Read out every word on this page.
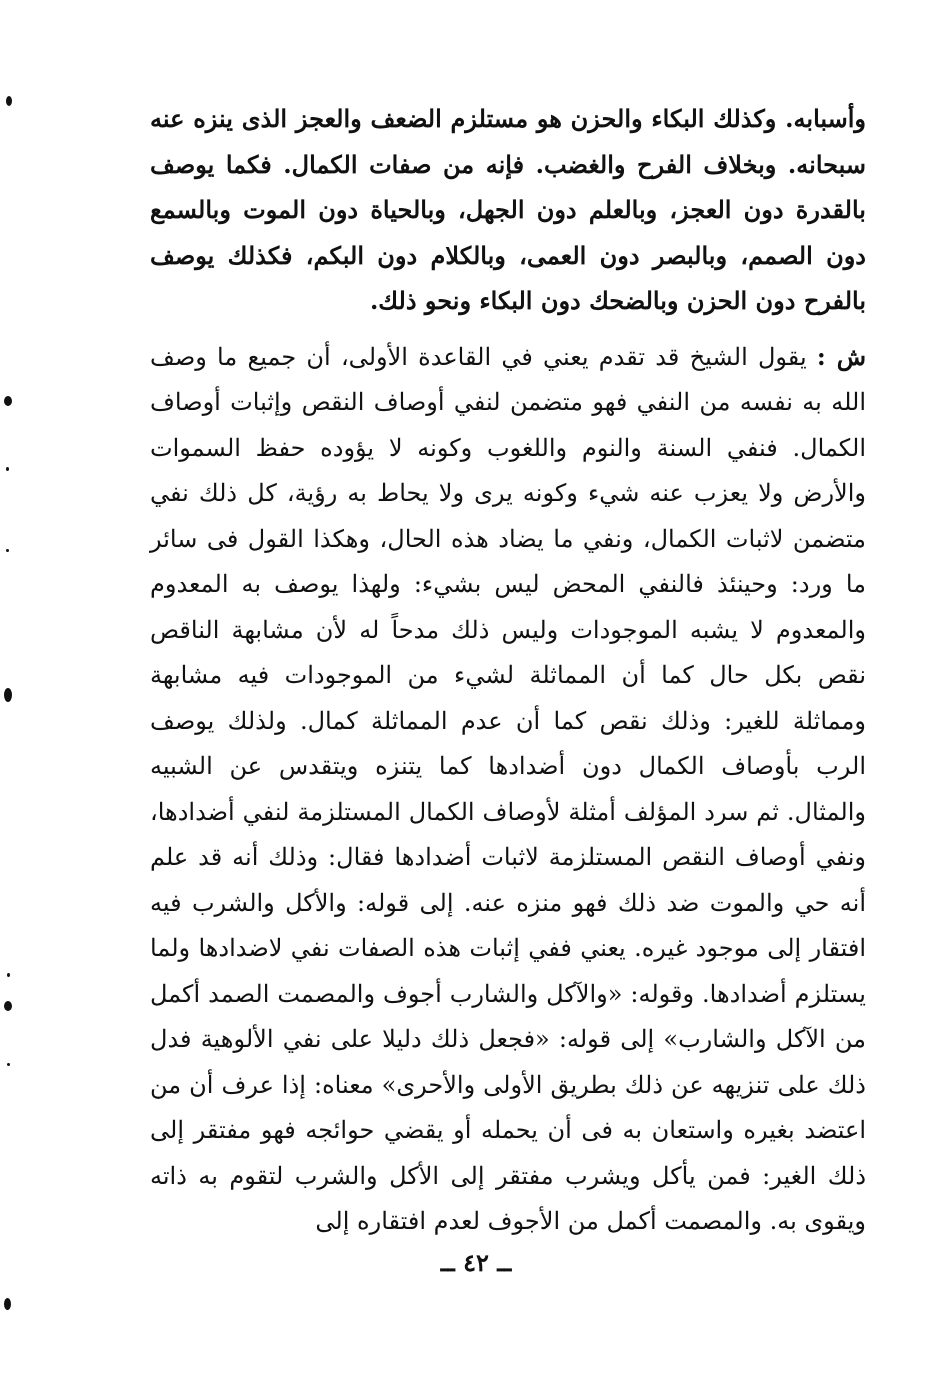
وأسبابه. وكذلك البكاء والحزن هو مستلزم الضعف والعجز الذى ينزه عنه سبحانه. وبخلاف الفرح والغضب. فإنه من صفات الكمال. فكما يوصف بالقدرة دون العجز، وبالعلم دون الجهل، وبالحياة دون الموت وبالسمع دون الصمم، وبالبصر دون العمى، وبالكلام دون البكم، فكذلك يوصف بالفرح دون الحزن وبالضحك دون البكاء ونحو ذلك.

ش : يقول الشيخ قد تقدم يعني في القاعدة الأولى، أن جميع ما وصف الله به نفسه من النفي فهو متضمن لنفي أوصاف النقص وإثبات أوصاف الكمال. فنفي السنة والنوم واللغوب وكونه لا يؤوده حفظ السموات والأرض ولا يعزب عنه شيء وكونه يرى ولا يحاط به رؤية، كل ذلك نفي متضمن لاثبات الكمال، ونفي ما يضاد هذه الحال، وهكذا القول فى سائر ما ورد: وحينئذ فالنفي المحض ليس بشيء: ولهذا يوصف به المعدوم والمعدوم لا يشبه الموجودات وليس ذلك مدحاً له لأن مشابهة الناقص نقص بكل حال كما أن المماثلة لشيء من الموجودات فيه مشابهة ومماثلة للغير: وذلك نقص كما أن عدم المماثلة كمال. ولذلك يوصف الرب بأوصاف الكمال دون أضدادها كما يتنزه ويتقدس عن الشبيه والمثال. ثم سرد المؤلف أمثلة لأوصاف الكمال المستلزمة لنفي أضدادها، ونفي أوصاف النقص المستلزمة لاثبات أضدادها فقال: وذلك أنه قد علم أنه حي والموت ضد ذلك فهو منزه عنه. إلى قوله: والأكل والشرب فيه افتقار إلى موجود غيره. يعني ففي إثبات هذه الصفات نفي لاضدادها ولما يستلزم أضدادها. وقوله: «والآكل والشارب أجوف والمصمت الصمد أكمل من الآكل والشارب» إلى قوله: «فجعل ذلك دليلا على نفي الألوهية فدل ذلك على تنزيهه عن ذلك بطريق الأولى والأحرى» معناه: إذا عرف أن من اعتضد بغيره واستعان به فى أن يحمله أو يقضي حوائجه فهو مفتقر إلى ذلك الغير: فمن يأكل ويشرب مفتقر إلى الأكل والشرب لتقوم به ذاته ويقوى به. والمصمت أكمل من الأجوف لعدم افتقاره إلى

ــ ٤٢ ــ
